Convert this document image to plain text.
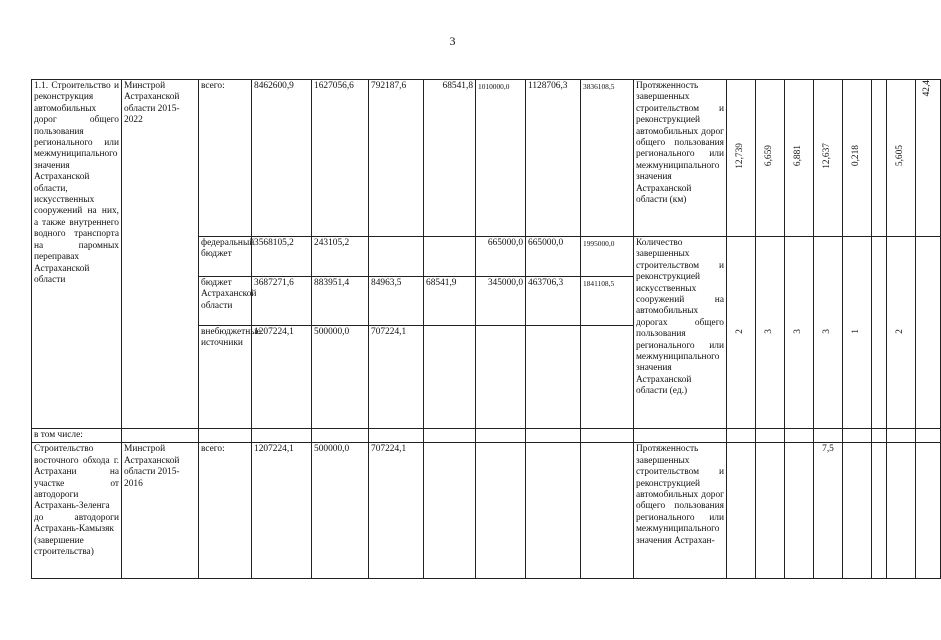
3
1.1. Строительство и реконструкция автомобильных дорог общего пользования регионального или межмуниципального значения Астраханской области, искусственных сооружений на них, а также внутреннего водного транспорта на паромных переправах Астраханской области	Минстрой Астраханской области 2015-2022	всего:	8462600,9	1627056,6	792187,6	68541,8	1010000,0	1128706,3	3836108,5	Протяженность завершенных строительством и реконструкцией автомобильных дорог общего пользования регионального или межмуниципального значения Астраханской области (км)	12,739	6,659	6,881	12,637	0,218		5,605	42,4
		федеральный бюджет	3568105,2	243105,2			665000,0	665000,0	1995000,0	Количество завершенных строительством и реконструкцией искусственных сооружений на автомобильных дорогах общего пользования регионального или межмуниципального значения Астраханской области (ед.)	2	3	3	3	1		2	
		бюджет Астраханской области	3687271,6	883951,4	84963,5	68541,9	345000,0	463706,3	1841108,5									
		внебюджетные источники	1207224,1	500000,0	707224,1													
в том числе:																		
Строительство восточного обхода г. Астрахани на участке от автодороги Астрахань-Зеленга до автодороги Астрахань-Камызяк (завершение строительства)	Минстрой Астраханской области 2015-2016	всего:	1207224,1	500000,0	707224,1					Протяженность завершенных строительством и реконструкцией автомобильных дорог общего пользования регионального или межмуниципального значения Астрахан-				7,5				
